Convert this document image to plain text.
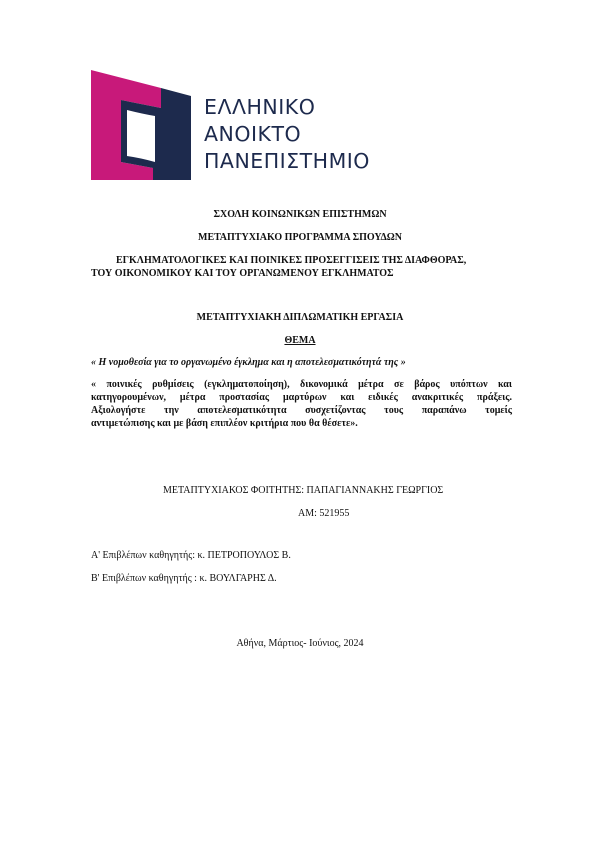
ΕΛΛΗΝΙΚΟ
ΑΝΟΙΚΤΟ
ΠΑΝΕΠΙΣΤΗΜΙΟ
ΣΧΟΛΗ ΚΟΙΝΩΝΙΚΩΝ ΕΠΙΣΤΗΜΩΝ
ΜΕΤΑΠΤΥΧΙΑΚΟ ΠΡΟΓΡΑΜΜΑ ΣΠΟΥΔΩΝ
ΕΓΚΛΗΜΑΤΟΛΟΓΙΚΕΣ ΚΑΙ ΠΟΙΝΙΚΕΣ ΠΡΟΣΕΓΓΙΣΕΙΣ ΤΗΣ ΔΙΑΦΘΟΡΑΣ,
ΤΟΥ ΟΙΚΟΝΟΜΙΚΟΥ ΚΑΙ ΤΟΥ ΟΡΓΑΝΩΜΕΝΟΥ ΕΓΚΛΗΜΑΤΟΣ
ΜΕΤΑΠΤΥΧΙΑΚΗ ΔΙΠΛΩΜΑΤΙΚΗ ΕΡΓΑΣΙΑ
ΘΕΜΑ
« Η νομοθεσία για το οργανωμένο έγκλημα και η αποτελεσματικότητά της »
« ποινικές ρυθμίσεις (εγκληματοποίηση), δικονομικά μέτρα σε βάρος υπόπτων και
κατηγορουμένων, μέτρα προστασίας μαρτύρων και ειδικές ανακριτικές πράξεις.
Αξιολογήστε την αποτελεσματικότητα συσχετίζοντας τους παραπάνω τομείς
αντιμετώπισης και με βάση επιπλέον κριτήρια που θα θέσετε».
ΜΕΤΑΠΤΥΧΙΑΚΟΣ ΦΟΙΤΗΤΗΣ: ΠΑΠΑΓΙΑΝΝΑΚΗΣ ΓΕΩΡΓΙΟΣ
ΑΜ: 521955
Α' Επιβλέπων καθηγητής: κ. ΠΕΤΡΟΠΟΥΛΟΣ Β.
Β' Επιβλέπων καθηγητής : κ. ΒΟΥΛΓΑΡΗΣ Δ.
Αθήνα, Μάρτιος- Ιούνιος, 2024
